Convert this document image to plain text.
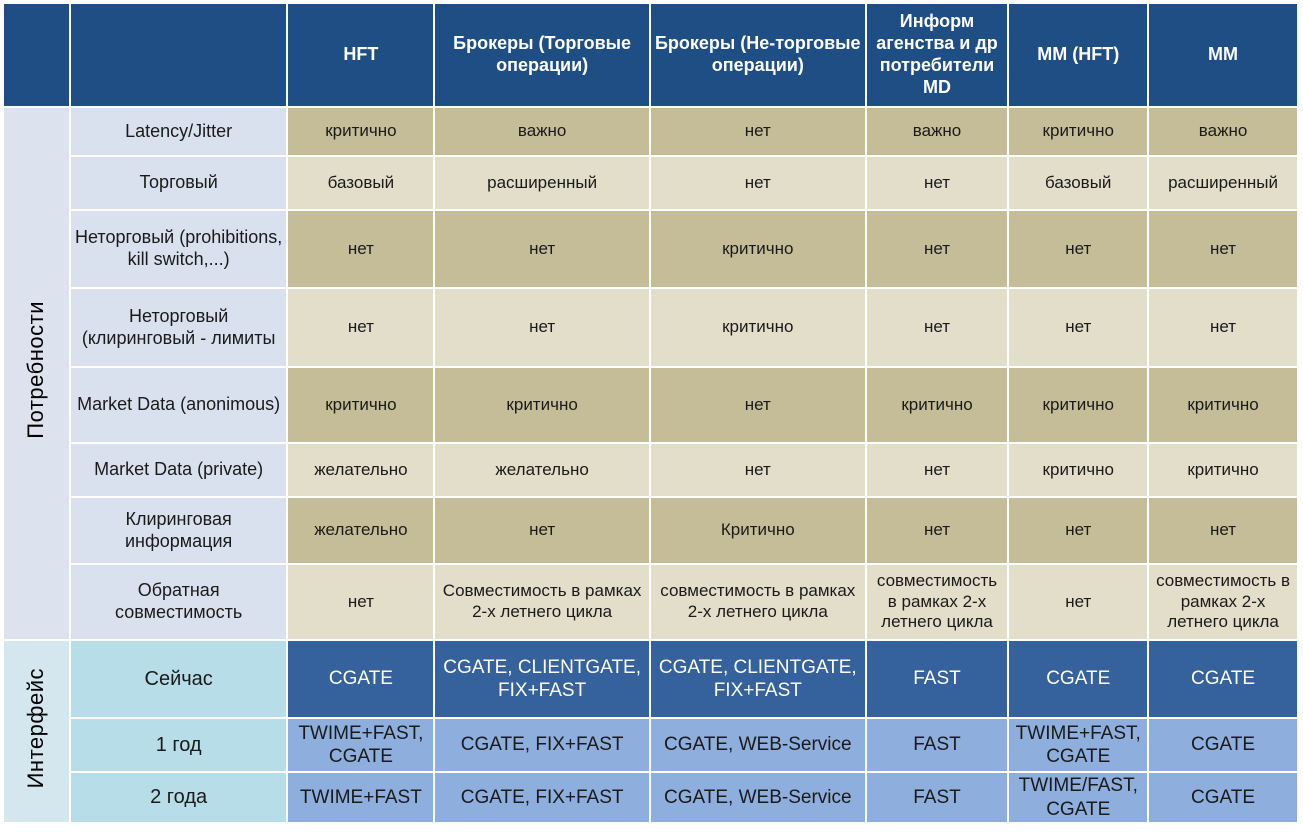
		HFT	Брокеры (Торговые операции)	Брокеры (Не-торговые операции)	Информ агенства и др потребители MD	MM (HFT)	MM
Потребности	Latency/Jitter	критично	важно	нет	важно	критично	важно
	Торговый	базовый	расширенный	нет	нет	базовый	расширенный
	Неторговый (prohibitions, kill switch,...)	нет	нет	критично	нет	нет	нет
	Неторговый (клиринговый - лимиты	нет	нет	критично	нет	нет	нет
	Market Data (anonimous)	критично	критично	нет	критично	критично	критично
	Market Data (private)	желательно	желательно	нет	нет	критично	критично
	Клиринговая информация	желательно	нет	Критично	нет	нет	нет
	Обратная совместимость	нет	Совместимость в рамках 2-х летнего цикла	совместимость в рамках 2-х летнего цикла	совместимость в рамках 2-х летнего цикла	нет	совместимость в рамках 2-х летнего цикла
Интерфейс	Сейчас	CGATE	CGATE, CLIENTGATE, FIX+FAST	CGATE, CLIENTGATE, FIX+FAST	FAST	CGATE	CGATE
	1 год	TWIME+FAST, CGATE	CGATE, FIX+FAST	CGATE, WEB-Service	FAST	TWIME+FAST, CGATE	CGATE
	2 года	TWIME+FAST	CGATE, FIX+FAST	CGATE, WEB-Service	FAST	TWIME/FAST, CGATE	CGATE
